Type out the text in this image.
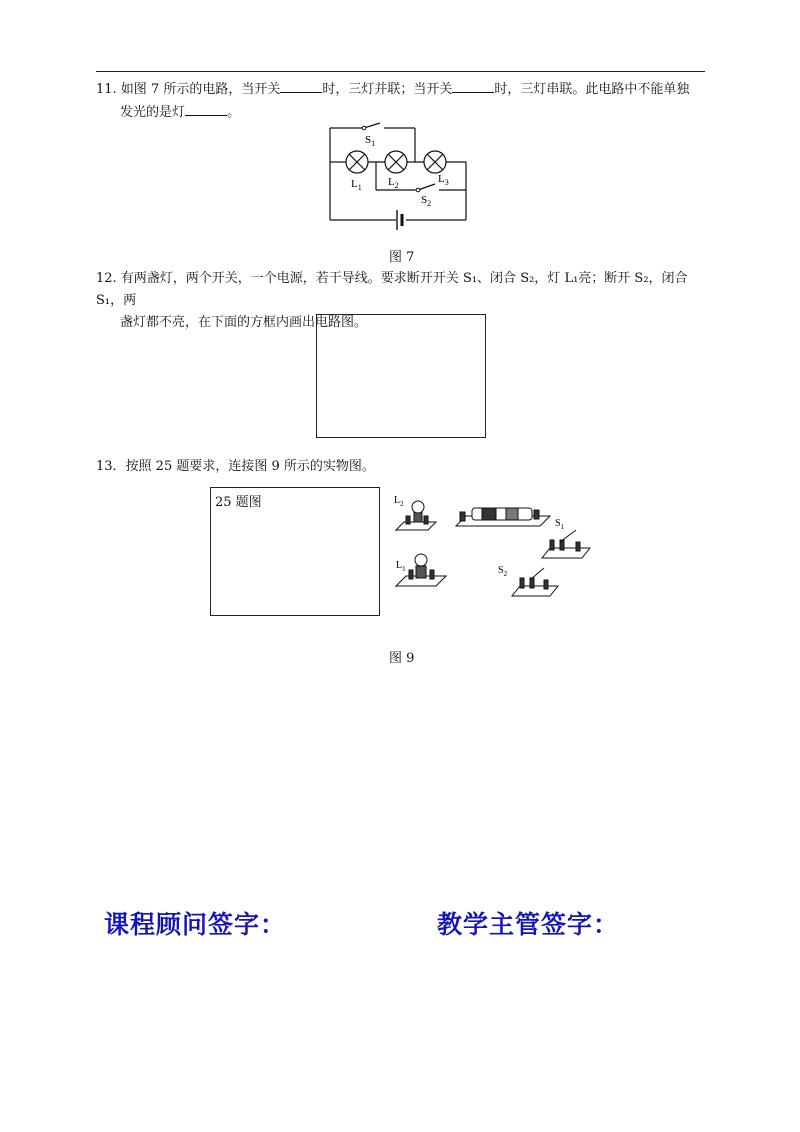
11. 如图 7 所示的电路，当开关	时，三灯并联；当开关	时，三灯串联。此电路中不能单独
发光的是灯	。
$S_1$
$L_1$ $L_2$
$L_3$
$S_2$
图 7
12. 有两盏灯，两个开关，一个电源，若干导线。要求断开开关 S₁、闭合 S₂，灯 L₁亮；断开 S₂，闭合 S₁，两
盏灯都不亮，在下面的方框内画出电路图。
13．按照 25 题要求，连接图 9 所示的实物图。
25 题图	$L_2$
$L_1$
$S_1$
$S_2$
图 9
课程顾问签字：	教学主管签字：
